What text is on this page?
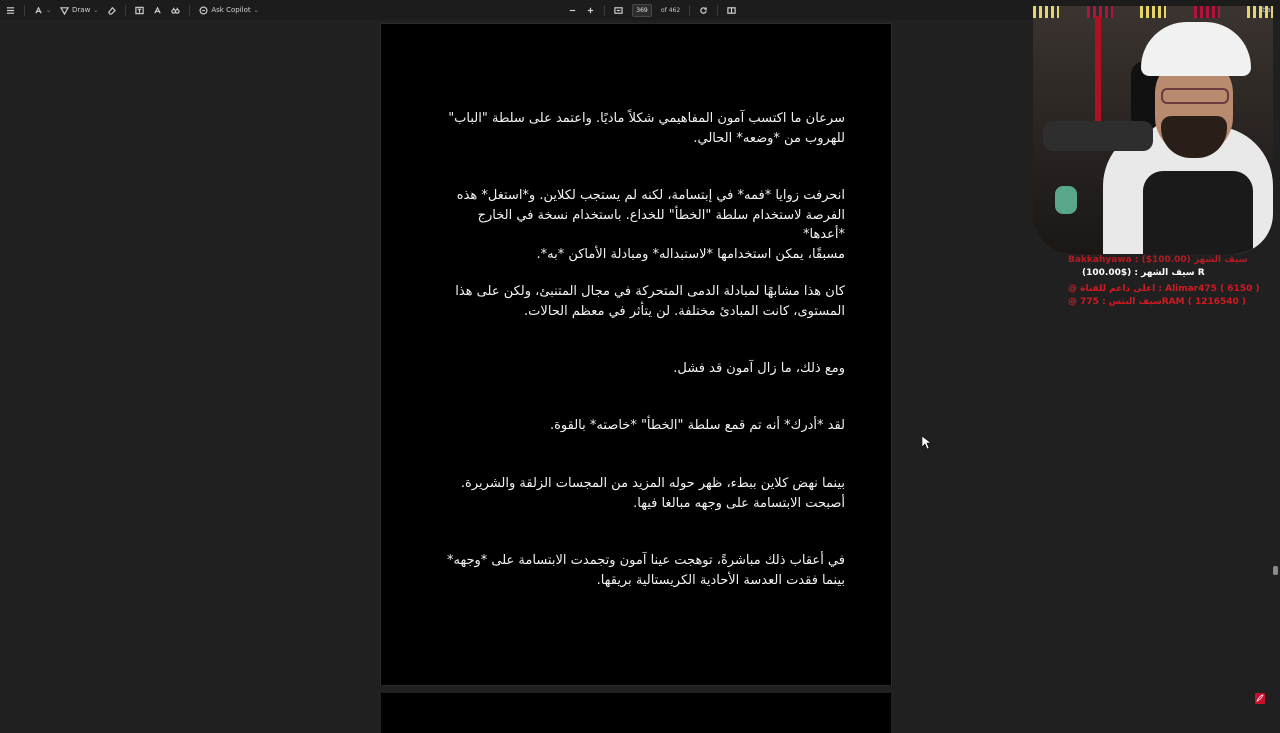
⌄	Draw ⌄	Ask Copilot ⌄
369	of 462
سرعان ما اكتسب آمون المفاهيمي شكلاً ماديًا. واعتمد على سلطة "الباب"
للهروب من *وضعه* الحالي.
انحرفت زوايا *فمه* في إبتسامة، لكنه لم يستجب لكلاين. و*استغل* هذه
الفرصة لاستخدام سلطة "الخطأ" للخداع. باستخدام نسخة في الخارج *أعدها*
مسبقًا، يمكن استخدامها *لاستبداله* ومبادلة الأماكن *به*.
كان هذا مشابهًا لمبادلة الدمى المتحركة في مجال المتنبئ، ولكن على هذا
المستوى، كانت المبادئ مختلفة. لن يتأثر في معظم الحالات.
ومع ذلك، ما زال آمون قد فشل.
لقد *أدرك* أنه تم قمع سلطة "الخطأ" *خاصته* بالقوة.
بينما نهض كلاين ببطء، ظهر حوله المزيد من المجسات الزلقة والشريرة.
أصبحت الابتسامة على وجهه مبالغا فيها.
في أعقاب ذلك مباشرةً، توهجت عينا آمون وتجمدت الابتسامة على *وجهه*
بينما فقدت العدسة الأحادية الكريستالية بريقها.
bat
Bakkahyawa : ($100.00) سيف الشهر
سيف الشهر : ($100.00) R
@ اعلى داعم للقناة : Alimar475 ( 6150 )
@ سيف البتس : 775RAM ( 1216540 )
